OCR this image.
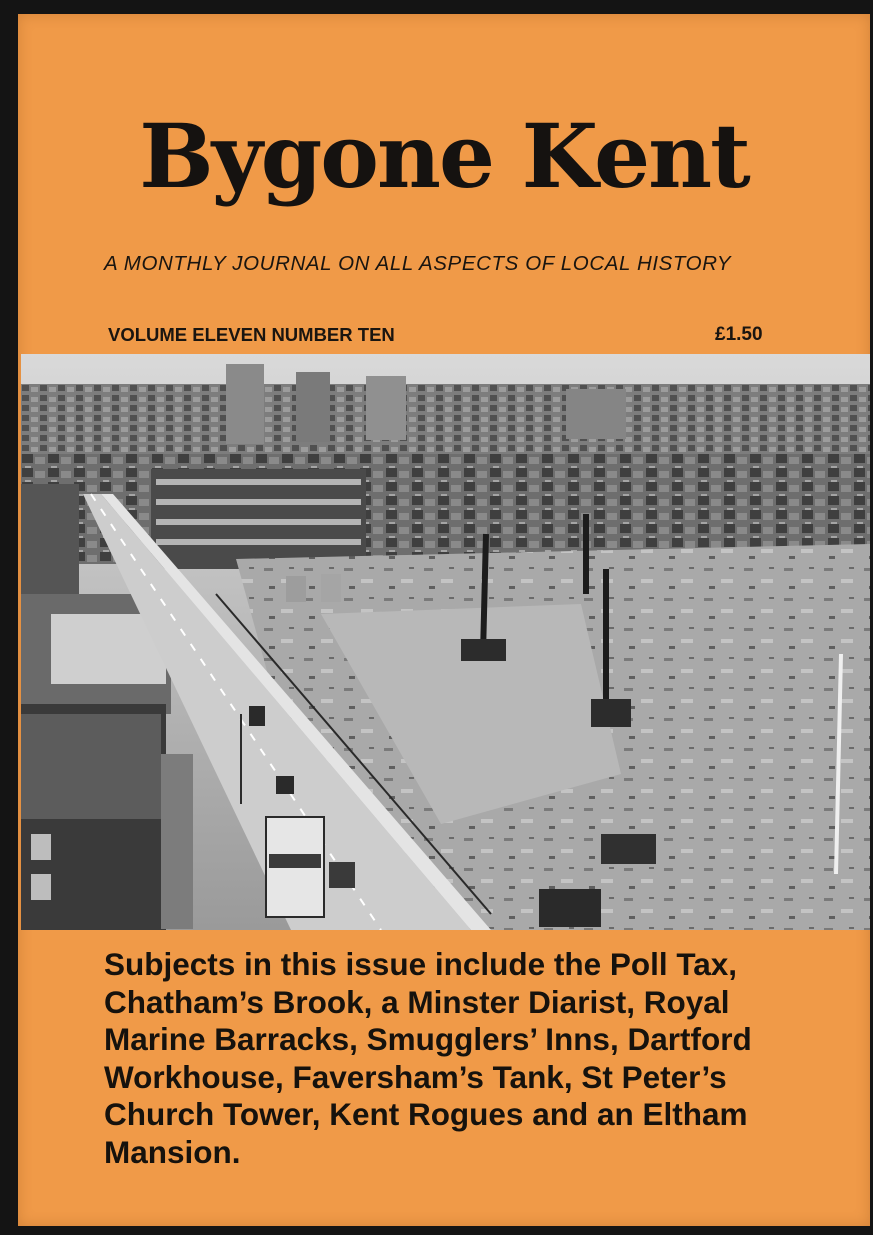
Bygone Kent
A MONTHLY JOURNAL ON ALL ASPECTS OF LOCAL HISTORY
VOLUME ELEVEN NUMBER TEN	£1.50
Subjects in this issue include the Poll Tax,
Chatham’s Brook, a Minster Diarist, Royal
Marine Barracks, Smugglers’ Inns, Dartford
Workhouse, Faversham’s Tank, St Peter’s
Church Tower, Kent Rogues and an Eltham
Mansion.
